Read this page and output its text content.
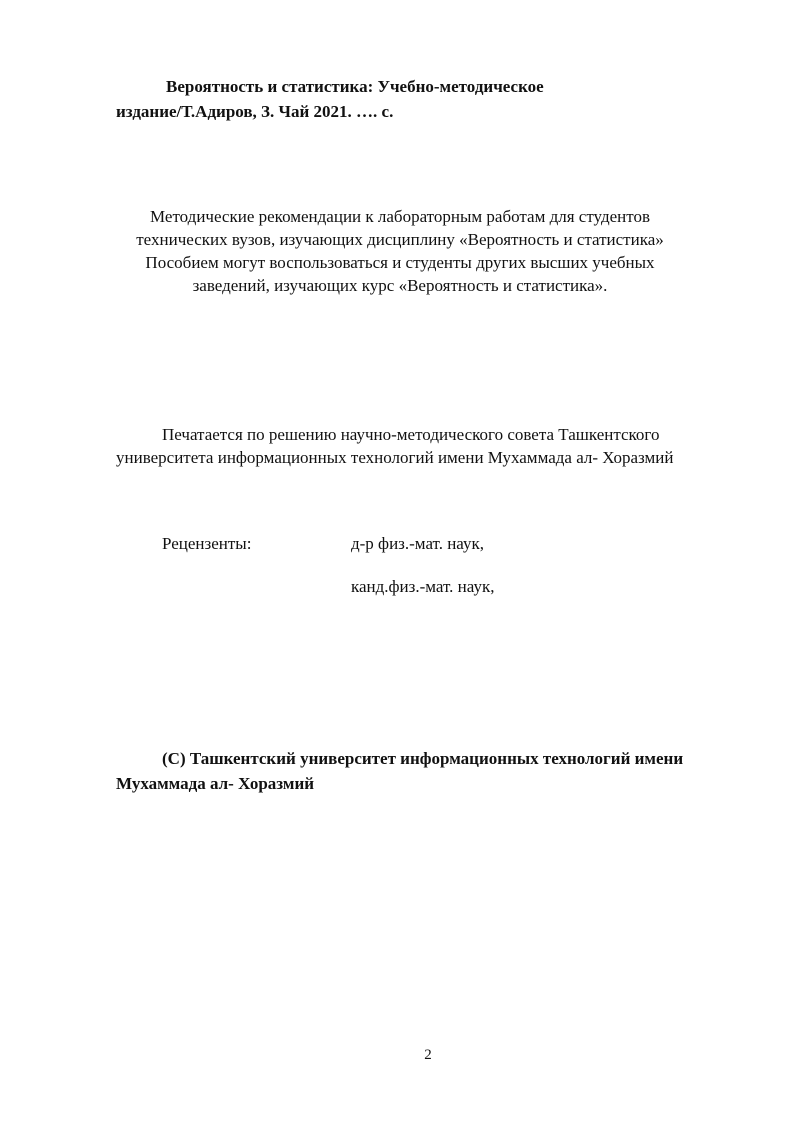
Вероятность и статистика: Учебно-методическое
издание/Т.Адиров, З. Чай 2021. …. с.
Методические рекомендации к лабораторным работам для студентов
технических вузов, изучающих дисциплину «Вероятность и статистика»
Пособием могут воспользоваться и студенты других высших учебных
заведений, изучающих курс «Вероятность и статистика».
Печатается по решению научно-методического совета Ташкентского
университета информационных технологий имени Мухаммада ал- Хоразмий
Рецензенты:	д-р физ.-мат. наук,
канд.физ.-мат. наук,
(C) Ташкентский университет информационных технологий имени
Мухаммада ал- Хоразмий
2
